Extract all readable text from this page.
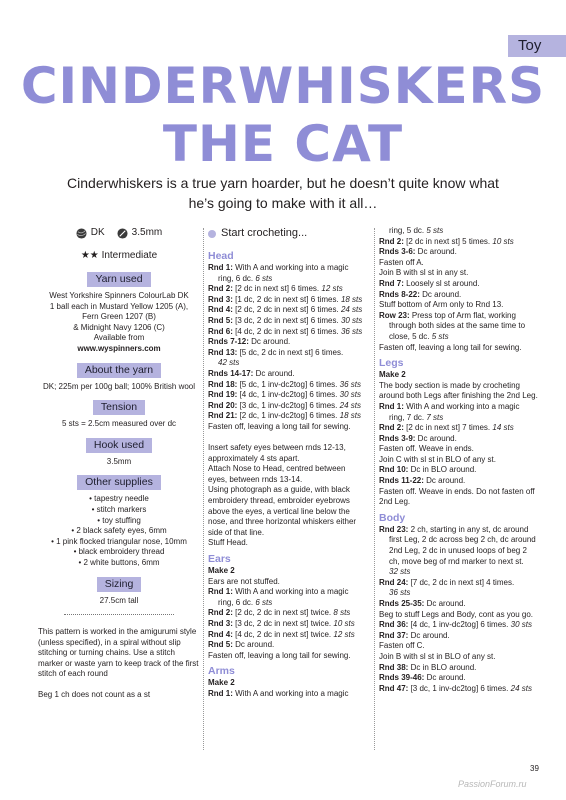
Toy
CINDERWHISKERS
THE CAT

Cinderwhiskers is a true yarn hoarder, but he doesn’t quite know what he’s going to make with it all…

DK	3.5mm
★★ Intermediate
Yarn used
West Yorkshire Spinners ColourLab DK
1 ball each in Mustard Yellow 1205 (A),
Fern Green 1207 (B)
& Midnight Navy 1206 (C)
Available from
www.wyspinners.com
About the yarn
DK; 225m per 100g ball; 100% British wool
Tension
5 sts = 2.5cm measured over dc
Hook used
3.5mm
Other supplies
• tapestry needle
• stitch markers
• toy stuffing
• 2 black safety eyes, 6mm
• 1 pink flocked triangular nose, 10mm
• black embroidery thread
• 2 white buttons, 6mm
Sizing
27.5cm tall

This pattern is worked in the amigurumi style (unless specified), in a spiral without slip stitching or turning chains. Use a stitch marker or waste yarn to keep track of the first stitch of each round

Beg 1 ch does not count as a st

Start crocheting...
Head
Rnd 1: With A and working into a magic
ring, 6 dc. 6 sts
Rnd 2: [2 dc in next st] 6 times. 12 sts
Rnd 3: [1 dc, 2 dc in next st] 6 times. 18 sts
Rnd 4: [2 dc, 2 dc in next st] 6 times. 24 sts
Rnd 5: [3 dc, 2 dc in next st] 6 times. 30 sts
Rnd 6: [4 dc, 2 dc in next st] 6 times. 36 sts
Rnds 7-12: Dc around.
Rnd 13: [5 dc, 2 dc in next st] 6 times.
42 sts
Rnds 14-17: Dc around.
Rnd 18: [5 dc, 1 inv-dc2tog] 6 times. 36 sts
Rnd 19: [4 dc, 1 inv-dc2tog] 6 times. 30 sts
Rnd 20: [3 dc, 1 inv-dc2tog] 6 times. 24 sts
Rnd 21: [2 dc, 1 inv-dc2tog] 6 times. 18 sts
Fasten off, leaving a long tail for sewing.
Insert safety eyes between rnds 12-13,
approximately 4 sts apart.
Attach Nose to Head, centred between
eyes, between rnds 13-14.
Using photograph as a guide, with black
embroidery thread, embroider eyebrows
above the eyes, a vertical line below the
nose, and three horizontal whiskers either
side of that line.
Stuff Head.
Ears
Make 2
Ears are not stuffed.
Rnd 1: With A and working into a magic
ring, 6 dc. 6 sts
Rnd 2: [2 dc, 2 dc in next st] twice. 8 sts
Rnd 3: [3 dc, 2 dc in next st] twice. 10 sts
Rnd 4: [4 dc, 2 dc in next st] twice. 12 sts
Rnd 5: Dc around.
Fasten off, leaving a long tail for sewing.
Arms
Make 2
Rnd 1: With A and working into a magic
ring, 5 dc. 5 sts
Rnd 2: [2 dc in next st] 5 times. 10 sts
Rnds 3-6: Dc around.
Fasten off A.
Join B with sl st in any st.
Rnd 7: Loosely sl st around.
Rnds 8-22: Dc around.
Stuff bottom of Arm only to Rnd 13.
Row 23: Press top of Arm flat, working
through both sides at the same time to
close, 5 dc. 5 sts
Fasten off, leaving a long tail for sewing.
Legs
Make 2
The body section is made by crocheting
around both Legs after finishing the 2nd Leg.
Rnd 1: With A and working into a magic
ring, 7 dc. 7 sts
Rnd 2: [2 dc in next st] 7 times. 14 sts
Rnds 3-9: Dc around.
Fasten off. Weave in ends.
Join C with sl st in BLO of any st.
Rnd 10: Dc in BLO around.
Rnds 11-22: Dc around.
Fasten off. Weave in ends. Do not fasten off
2nd Leg.
Body
Rnd 23: 2 ch, starting in any st, dc around
first Leg, 2 dc across beg 2 ch, dc around
2nd Leg, 2 dc in unused loops of beg 2
ch, move beg of rnd marker to next st.
32 sts
Rnd 24: [7 dc, 2 dc in next st] 4 times.
36 sts
Rnds 25-35: Dc around.
Beg to stuff Legs and Body, cont as you go.
Rnd 36: [4 dc, 1 inv-dc2tog] 6 times. 30 sts
Rnd 37: Dc around.
Fasten off C.
Join B with sl st in BLO of any st.
Rnd 38: Dc in BLO around.
Rnds 39-46: Dc around.
Rnd 47: [3 dc, 1 inv-dc2tog] 6 times. 24 sts
39
PassionForum.ru
